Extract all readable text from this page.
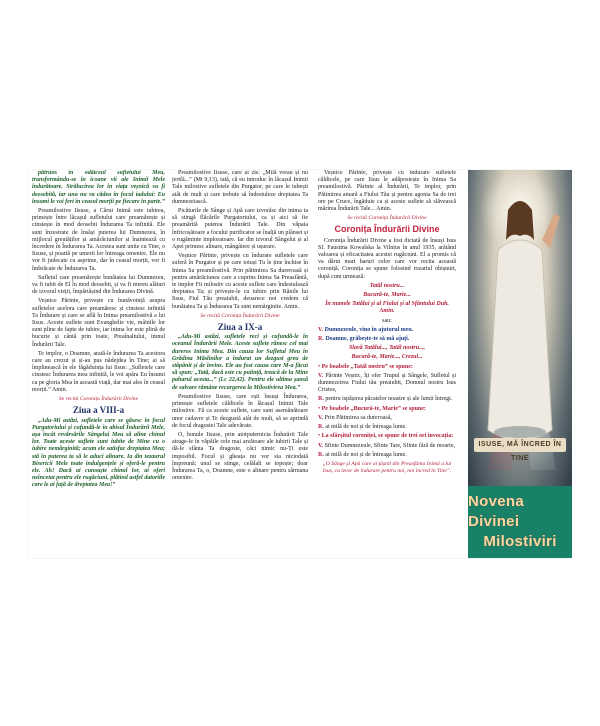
pătruns în odăiceul sufletului Meu, transformându-se în icoane vii ale Inimii Mele îndurătoare. Strălucirea lor în viața veșnică va fi deosebită, iar una nu va cădea în focul iadului: Eu însumi le voi feri în ceasul morții pe fiecare în parte.”

Preamilostive Iisuse, a Cărui Inimă este iubirea, primește între lăcașul sufletului care preamărește și cinstește în mod deosebit Îndurarea Ta infinită. Ele sunt înzestrate de însăși puterea lui Dumnezeu, în mijlocul greutăților și amărăciunilor și înaintează cu încredere în Îndurarea Ta. Acestea sunt unite cu Tine, o Iisuse, și poartă pe umerii lor întreaga omenire. Ele nu vor fi judecate cu asprime, dar în ceasul morții, vor fi îmbrăcate de Îndurarea Ta.

Sufletul care preamărește bunătatea lui Dumnezeu, va fi iubit de El în mod deosebit, și va fi mereu alături de izvorul vieții, împărtășind din Îndurarea Divină.

Veșnice Părinte, privește cu bunăvoință asupra sufletelor acelora care preamăresc și cinstesc infinită Ta Îndurare și care se află în Inima preamilostivă a lui Iisus. Aceste suflete sunt Evanghelie vie, mâinile lor sunt pline de fapte de iubire, iar inima lor este plină de bucurie și cântă prin toate, Preaînaltului, imnul Îndurării Tale.

Te implor, o Doamne, arată-le îndurarea Ta acestora care au crezut și și-au pus nădejdea în Tine; ai să împlinească în ele făgăduința lui Iisus: „Sufletele care cinstesc Îndurarea mea infinită, le voi apăra Eu însumi ca pe gloria Mea în această viață, dar mai ales în ceasul morții.” Amin.

Se recită Coronița Îndurării Divine

Ziua a VIII-a

„Adu-Mi astăzi, sufletele care se găsesc în focul Purgatoriului și cufundă-le în abisul Îndurării Mele, așa încât revărsările Sângelui Meu să aline chinul lor. Toate aceste suflete sunt iubite de Mine cu o iubire nemărginită; acum ele satisfac dreptatea Mea; stă în puterea ta să le aduci alinare. Ia din tezaurul Bisericii Mele toate indulgențele și oferă-le pentru ele. Ah! Dacă ai cunoaște chinul lor, ai oferi neîncetat pentru ele rugăciuni, plătind astfel datoriile care le ai față de dreptatea Mea!”

Preamilostive Iisuse, care ai zis: „Milă vreau și nu jertfă...” (Mt 9,13), iată, că eu introduc în lăcașul Inimii Tale milostive sufletele din Purgator, pe care le iubești atât de mult și care trebuie să îndestuleze dreptatea Ta dumnezeiască.

Picăturile de Sânge și Apă care izvorăsc din inima ta să stingă flăcările Purgatoriului, ca și aici să fie preamărită puterea Îndurării Tale. Din văpaia înfricoșătoare a focului purificator se înalță un plânset și o rugăminte imploratoare. Iar din izvorul Sângelui și al Apei primesc alinare, mângâiere și ușurare.

Veșnice Părinte, privește cu îndurare sufletele care suferă în Purgator și pe care totuși Tu le ține închise în Inima Sa preamilostivă. Prin pătimirea Sa dureroasă și pentru amărăciunea care a cuprins Inima Sa Preasfântă, te implor Fii milostiv cu aceste suflete care îndestulează dreptatea Ta; și privește-le cu iubire prin Rănile lui Iisus, Fiul Tău preaiubit, deoarece noi credem că bunătatea Ta și Îndurarea Ta sunt nemărginite. Amin.

Se recită Coronița Îndurării Divine

Ziua a IX-a

„Adu-Mi astăzi, sufletele reci și cufundă-le în oceanul Îndurării Mele. Aceste suflete rănesc cel mai dureros Inima Mea. Din cauza lor Sufletul Meu în Grădina Măslinilor a îndurat un dezgust greu de stăpânit și de învins. Ele au fost cauza care M-a făcut să spun: „Tată, dacă este cu putință, treacă de la Mine paharul acesta...” (Lc 22,42). Pentru ele ultima șansă de salvare rămâne recurgerea la Milostivirea Mea.”

Preamilostive Iisuse, care ești însuși Îndurarea, primește sufletele căldicele în lăcașul Inimii Tale milostive. Fă ca aceste suflete, care sunt asemănătoare unor cadavre și Te dezgustă atât de mult, să se aprindă de focul dragostei Tale adevărate.

O, bunule Iisuse, prin atotputernicia Îndurării Tale atrage-le în văpăile cele mai arzătoare ale iubirii Tale și dă-le sfânta Ta dragoste, căci nimic nu-Ți este imposibil. Focul și gheața nu vor sta niciodată împreună; unul se stinge, celălalt se topește; doar Îndurarea Ta, o, Doamne, este o alinare pentru sărmana omenire.

Veșnice Părinte, privește cu îndurare sufletele căldicele, pe care Iisus le adăpostește în Inima Sa preamilostivă. Părinte al Îndurării, Te implor, prin Pătimirea amară a Fiului Tău și pentru agonia Sa de trei ore pe Cruce, îngăduie ca și aceste suflete să slăvească mărirea Îndurării Tale... Amin.

Se recită Coronița Îndurării Divine

Coronița Îndurării Divine

Coronița Îndurării Divine a fost dictată de însuși Isus Sf. Faustina Kowalska la Vilnius în anul 1935, arătând valoarea și eficacitatea acestei rugăciuni. El a promis că va dărui mari haruri celor care vor recita această coroniță. Coronița se spune folosind rozariul obișnuit, după cum urmează:

Tatăl nostru...

Bucură-te, Marie...

În numele Tatălui și al Fiului și al Sfântului Duh. Amin.

sau:

V. Dumnezeule, vino în ajutorul meu.

R. Doamne, grăbește-te să mă ajuți.

Slavă Tatălui..., Tatăl nostru...,

Bucură-te, Marie..., Crezul...

• Pe boabele „Tatăl nostru” se spune:

V. Părinte Veșnic, îți ofer Trupul și Sângele, Sufletul și dumnezeirea Fiului tău preaiubit, Domnul nostru Isus Cristos,

R. pentru ispășirea păcatelor noastre și ale lumii întregi.

• Pe boabele „Bucură-te, Marie” se spune:

V. Prin Pătimirea sa dureroasă,

R. ai milă de noi și de întreaga lume.

• La sfârșitul coroniței, se spune de trei ori invocația:

V. Sfinte Dumnezeule, Sfinte Tare, Sfinte fără de moarte,

R. ai milă de noi și de întreaga lume.

„O Sânge și Apă care ai țâșnit din Preasfânta Inimă a lui Isus, ca izvor de îndurare pentru noi, noi încred în Tine”.

ISUSE, MĂ ÎNCRED ÎN TINE
Novena Divinei
Milostiviri
